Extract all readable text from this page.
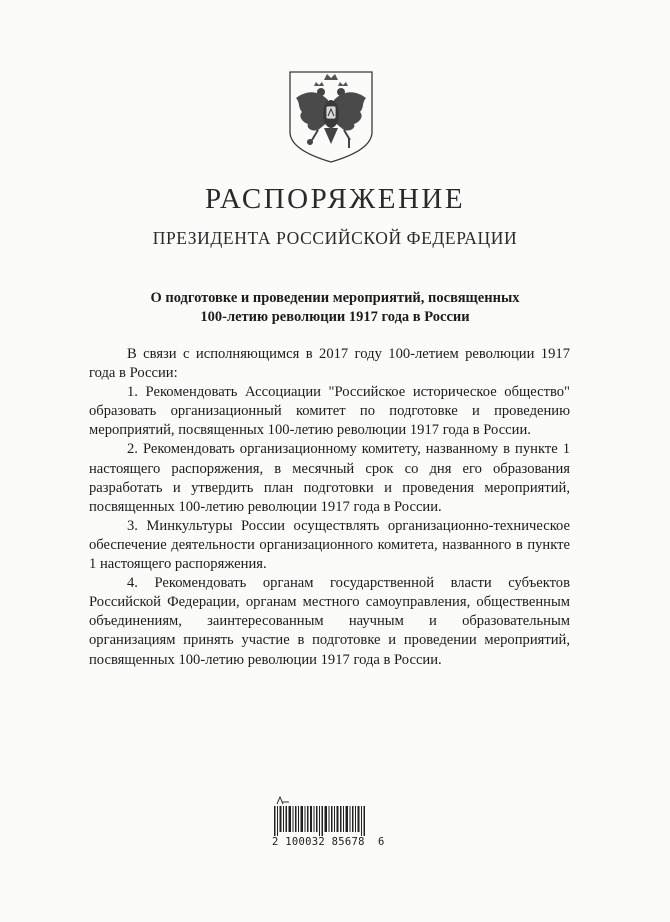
РАСПОРЯЖЕНИЕ
ПРЕЗИДЕНТА РОССИЙСКОЙ ФЕДЕРАЦИИ
О подготовке и проведении мероприятий, посвященных
100-летию революции 1917 года в России

В связи с исполняющимся в 2017 году 100-летием революции 1917 года в России:

1. Рекомендовать Ассоциации "Российское историческое общество" образовать организационный комитет по подготовке и проведению мероприятий, посвященных 100-летию революции 1917 года в России.

2. Рекомендовать организационному комитету, названному в пункте 1 настоящего распоряжения, в месячный срок со дня его образования разработать и утвердить план подготовки и проведения мероприятий, посвященных 100-летию революции 1917 года в России.

3. Минкультуры России осуществлять организационно-техническое обеспечение деятельности организационного комитета, названного в пункте 1 настоящего распоряжения.

4. Рекомендовать органам государственной власти субъектов Российской Федерации, органам местного самоуправления, общественным объединениям, заинтересованным научным и образовательным организациям принять участие в подготовке и проведении мероприятий, посвященных 100-летию революции 1917 года в России.

2 100032 85678  6
